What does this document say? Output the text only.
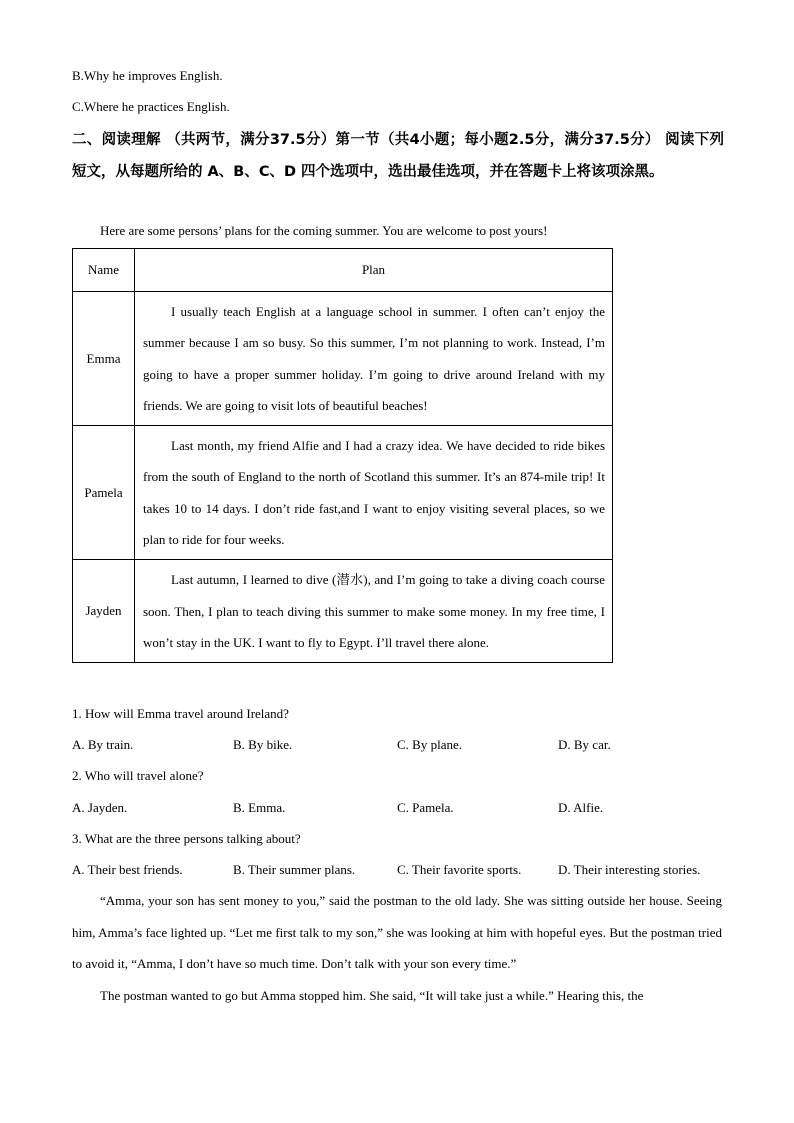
B.Why he improves English.
C.Where he practices English.
二、阅读理解 （共两节，满分37.5分）第一节（共4小题；每小题2.5分，满分37.5分） 阅读下列短文，从每题所给的 A、B、C、D 四个选项中，选出最佳选项，并在答题卡上将该项涂黑。
Here are some persons’ plans for the coming summer. You are welcome to post yours!
Name	Plan
Emma	I usually teach English at a language school in summer. I often can’t enjoy the summer because I am so busy. So this summer, I’m not planning to work. Instead, I’m going to have a proper summer holiday. I’m going to drive around Ireland with my friends. We are going to visit lots of beautiful beaches!
Pamela	Last month, my friend Alfie and I had a crazy idea. We have decided to ride bikes from the south of England to the north of Scotland this summer. It’s an 874-mile trip! It takes 10 to 14 days. I don’t ride fast,and I want to enjoy visiting several places, so we plan to ride for four weeks.
Jayden	Last autumn, I learned to dive (潜水), and I’m going to take a diving coach course soon. Then, I plan to teach diving this summer to make some money. In my free time, I won’t stay in the UK. I want to fly to Egypt. I’ll travel there alone.
1. How will Emma travel around Ireland?
A. By train.	B. By bike.	C. By plane.	D. By car.
2. Who will travel alone?
A. Jayden.	B. Emma.	C. Pamela.	D. Alfie.
3. What are the three persons talking about?
A. Their best friends.	B. Their summer plans.	C. Their favorite sports.	D. Their interesting stories.
“Amma, your son has sent money to you,” said the postman to the old lady. She was sitting outside her house. Seeing him, Amma’s face lighted up. “Let me first talk to my son,” she was looking at him with hopeful eyes. But the postman tried to avoid it, “Amma, I don’t have so much time. Don’t talk with your son every time.”
The postman wanted to go but Amma stopped him. She said, “It will take just a while.” Hearing this, the
